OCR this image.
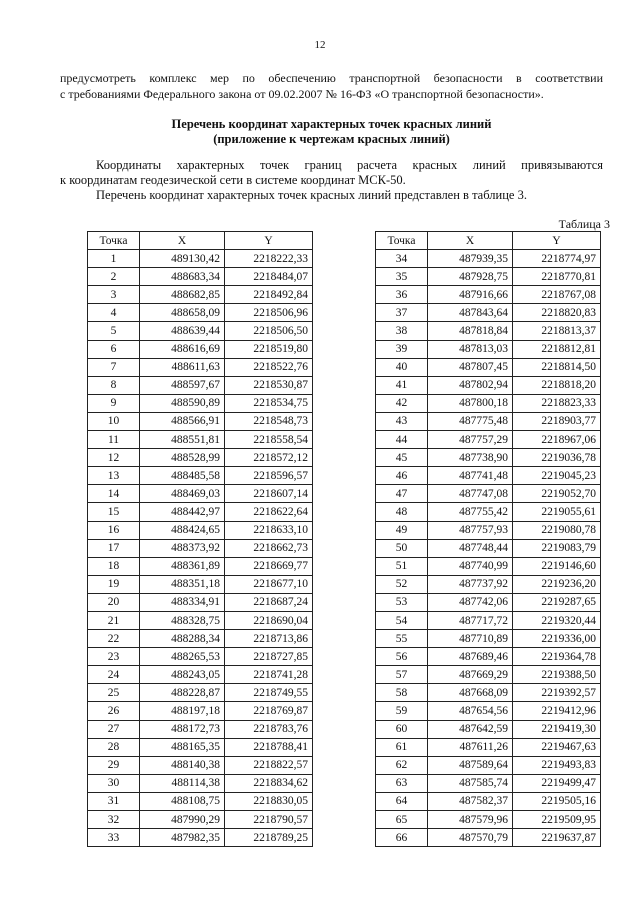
12
предусмотреть комплекс мер по обеспечению транспортной безопасности в соответствии
с требованиями Федерального закона от 09.02.2007 № 16-ФЗ «О транспортной безопасности».
Перечень координат характерных точек красных линий
(приложение к чертежам красных линий)
Координаты характерных точек границ расчета красных линий привязываются
к координатам геодезической сети в системе координат МСК-50.
Перечень координат характерных точек красных линий представлен в таблице 3.
Таблица 3
Точка	X	Y
1	489130,42	2218222,33
2	488683,34	2218484,07
3	488682,85	2218492,84
4	488658,09	2218506,96
5	488639,44	2218506,50
6	488616,69	2218519,80
7	488611,63	2218522,76
8	488597,67	2218530,87
9	488590,89	2218534,75
10	488566,91	2218548,73
11	488551,81	2218558,54
12	488528,99	2218572,12
13	488485,58	2218596,57
14	488469,03	2218607,14
15	488442,97	2218622,64
16	488424,65	2218633,10
17	488373,92	2218662,73
18	488361,89	2218669,77
19	488351,18	2218677,10
20	488334,91	2218687,24
21	488328,75	2218690,04
22	488288,34	2218713,86
23	488265,53	2218727,85
24	488243,05	2218741,28
25	488228,87	2218749,55
26	488197,18	2218769,87
27	488172,73	2218783,76
28	488165,35	2218788,41
29	488140,38	2218822,57
30	488114,38	2218834,62
31	488108,75	2218830,05
32	487990,29	2218790,57
33	487982,35	2218789,25
Точка	X	Y
34	487939,35	2218774,97
35	487928,75	2218770,81
36	487916,66	2218767,08
37	487843,64	2218820,83
38	487818,84	2218813,37
39	487813,03	2218812,81
40	487807,45	2218814,50
41	487802,94	2218818,20
42	487800,18	2218823,33
43	487775,48	2218903,77
44	487757,29	2218967,06
45	487738,90	2219036,78
46	487741,48	2219045,23
47	487747,08	2219052,70
48	487755,42	2219055,61
49	487757,93	2219080,78
50	487748,44	2219083,79
51	487740,99	2219146,60
52	487737,92	2219236,20
53	487742,06	2219287,65
54	487717,72	2219320,44
55	487710,89	2219336,00
56	487689,46	2219364,78
57	487669,29	2219388,50
58	487668,09	2219392,57
59	487654,56	2219412,96
60	487642,59	2219419,30
61	487611,26	2219467,63
62	487589,64	2219493,83
63	487585,74	2219499,47
64	487582,37	2219505,16
65	487579,96	2219509,95
66	487570,79	2219637,87
